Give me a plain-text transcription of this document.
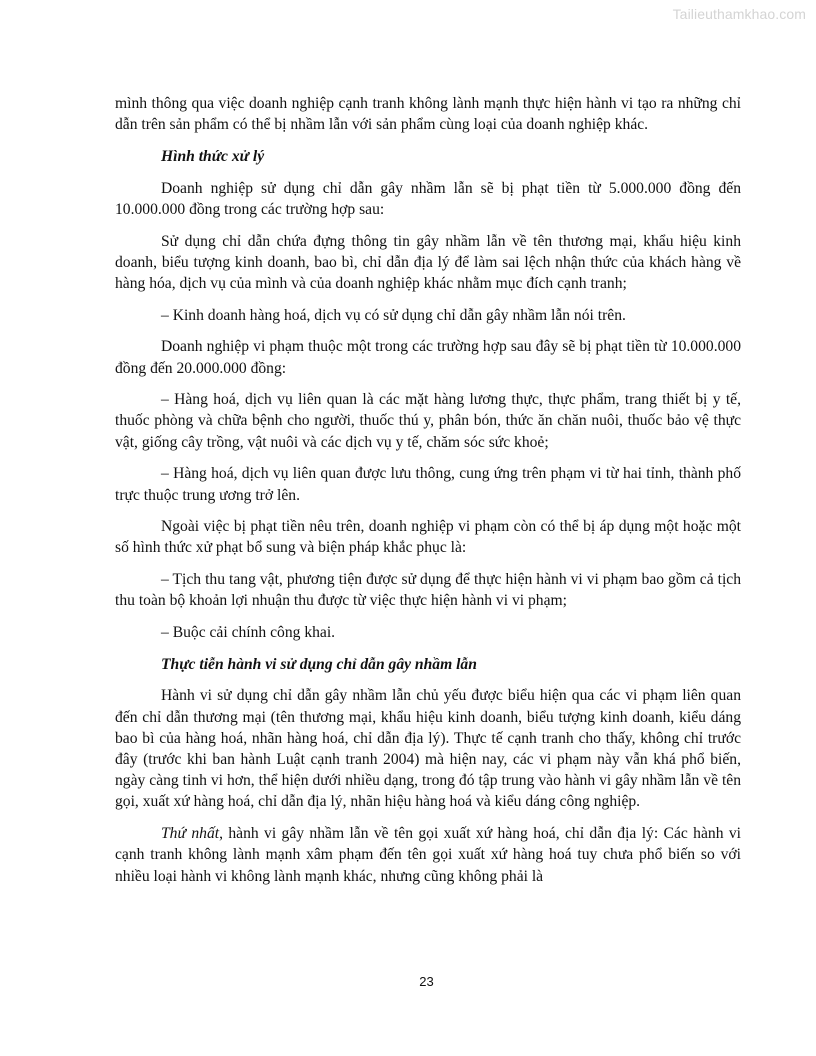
Tailieuthamkhao.com

mình thông qua việc doanh nghiệp cạnh tranh không lành mạnh thực hiện hành vi tạo ra những chỉ dẫn trên sản phẩm có thể bị nhầm lẫn với sản phẩm cùng loại của doanh nghiệp khác.

Hình thức xử lý

Doanh nghiệp sử dụng chỉ dẫn gây nhầm lẫn sẽ bị phạt tiền từ 5.000.000 đồng đến 10.000.000 đồng trong các trường hợp sau:

Sử dụng chỉ dẫn chứa đựng thông tin gây nhầm lẫn về tên thương mại, khẩu hiệu kinh doanh, biểu tượng kinh doanh, bao bì, chỉ dẫn địa lý để làm sai lệch nhận thức của khách hàng về hàng hóa, dịch vụ của mình và của doanh nghiệp khác nhằm mục đích cạnh tranh;

– Kinh doanh hàng hoá, dịch vụ có sử dụng chỉ dẫn gây nhầm lẫn nói trên.

Doanh nghiệp vi phạm thuộc một trong các trường hợp sau đây sẽ bị phạt tiền từ 10.000.000 đồng đến 20.000.000 đồng:

– Hàng hoá, dịch vụ liên quan là các mặt hàng lương thực, thực phẩm, trang thiết bị y tế, thuốc phòng và chữa bệnh cho người, thuốc thú y, phân bón, thức ăn chăn nuôi, thuốc bảo vệ thực vật, giống cây trồng, vật nuôi và các dịch vụ y tế, chăm sóc sức khoẻ;

– Hàng hoá, dịch vụ liên quan được lưu thông, cung ứng trên phạm vi từ hai tỉnh, thành phố trực thuộc trung ương trở lên.

Ngoài việc bị phạt tiền nêu trên, doanh nghiệp vi phạm còn có thể bị áp dụng một hoặc một số hình thức xử phạt bổ sung và biện pháp khắc phục là:

– Tịch thu tang vật, phương tiện được sử dụng để thực hiện hành vi vi phạm bao gồm cả tịch thu toàn bộ khoản lợi nhuận thu được từ việc thực hiện hành vi vi phạm;

– Buộc cải chính công khai.

Thực tiễn hành vi sử dụng chỉ dẫn gây nhầm lẫn

Hành vi sử dụng chỉ dẫn gây nhầm lẫn chủ yếu được biểu hiện qua các vi phạm liên quan đến chỉ dẫn thương mại (tên thương mại, khẩu hiệu kinh doanh, biểu tượng kinh doanh, kiểu dáng bao bì của hàng hoá, nhãn hàng hoá, chỉ dẫn địa lý). Thực tế cạnh tranh cho thấy, không chỉ trước đây (trước khi ban hành Luật cạnh tranh 2004) mà hiện nay, các vi phạm này vẫn khá phổ biến, ngày càng tinh vi hơn, thể hiện dưới nhiều dạng, trong đó tập trung vào hành vi gây nhầm lẫn về tên gọi, xuất xứ hàng hoá, chỉ dẫn địa lý, nhãn hiệu hàng hoá và kiểu dáng công nghiệp.

Thứ nhất, hành vi gây nhầm lẫn về tên gọi xuất xứ hàng hoá, chỉ dẫn địa lý: Các hành vi cạnh tranh không lành mạnh xâm phạm đến tên gọi xuất xứ hàng hoá tuy chưa phổ biến so với nhiều loại hành vi không lành mạnh khác, nhưng cũng không phải là

23
